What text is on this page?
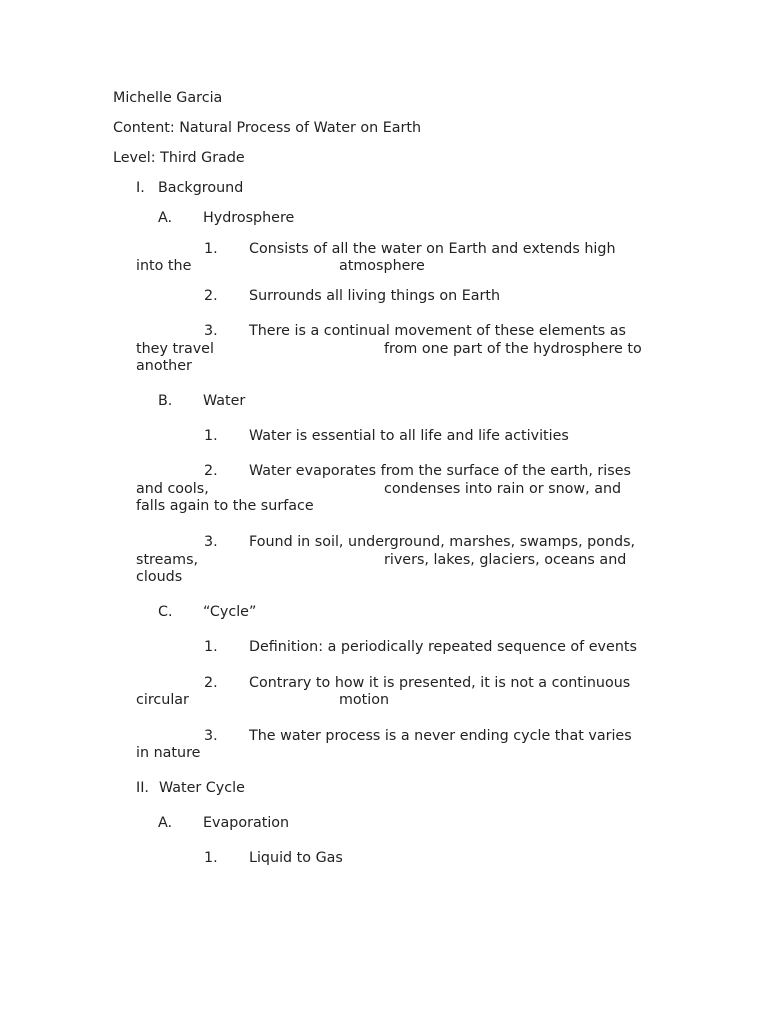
Michelle Garcia
Content: Natural Process of Water on Earth
Level: Third Grade
I. Background
A. Hydrosphere
1. Consists of all the water on Earth and extends high
into the	atmosphere
2. Surrounds all living things on Earth
3. There is a continual movement of these elements as
they travel	from one part of the hydrosphere to
another
B. Water
1. Water is essential to all life and life activities
2. Water evaporates from the surface of the earth, rises
and cools,	condenses into rain or snow, and
falls again to the surface
3. Found in soil, underground, marshes, swamps, ponds,
streams,	rivers, lakes, glaciers, oceans and
clouds
C. “Cycle”
1. Definition: a periodically repeated sequence of events
2. Contrary to how it is presented, it is not a continuous
circular	motion
3. The water process is a never ending cycle that varies
in nature
II. Water Cycle
A. Evaporation
1. Liquid to Gas
